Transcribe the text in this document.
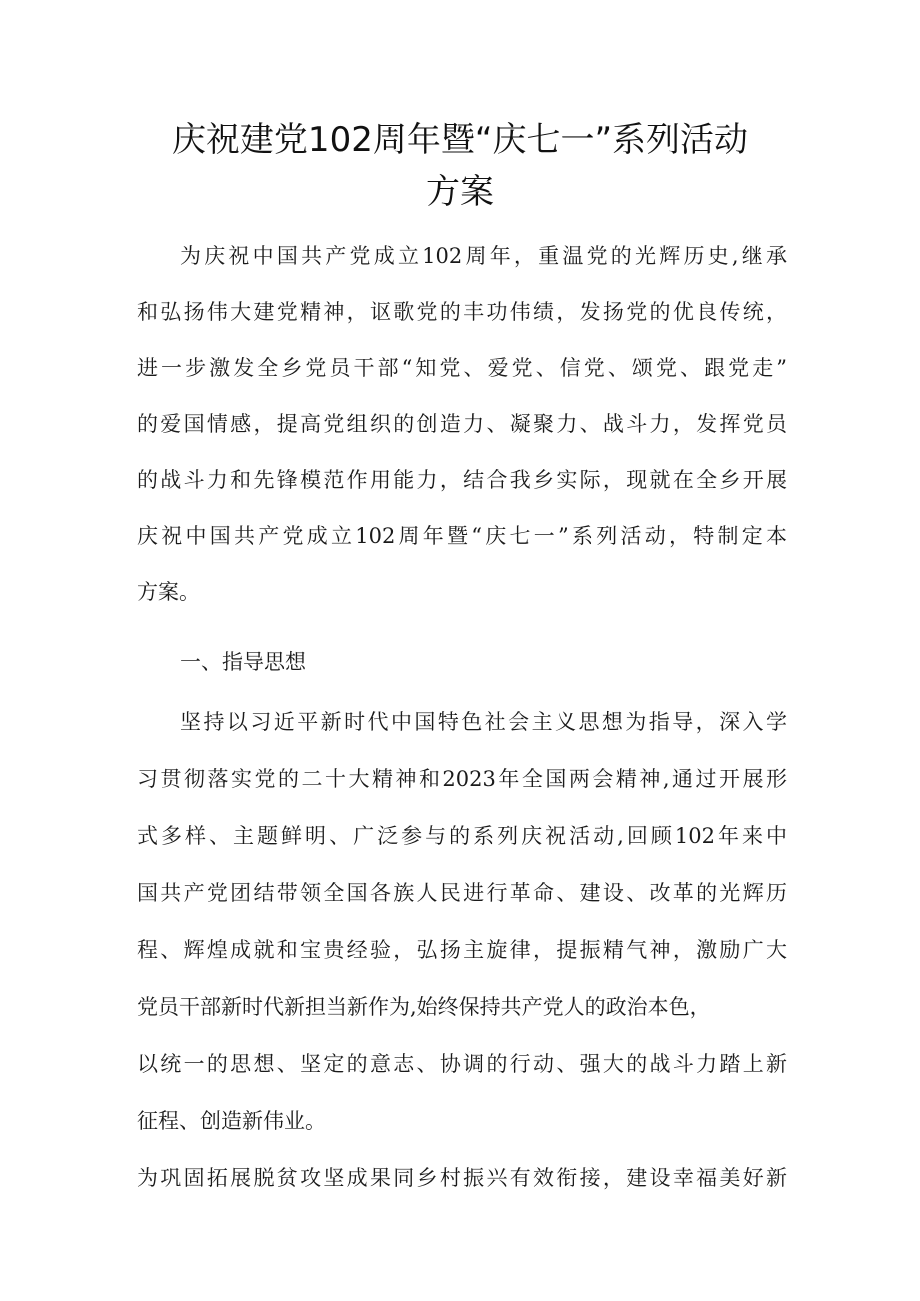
庆祝建党102周年暨“庆七一”系列活动
方案
为庆祝中国共产党成立102周年，重温党的光辉历史,继承
和弘扬伟大建党精神，讴歌党的丰功伟绩，发扬党的优良传统，
进一步激发全乡党员干部“知党、爱党、信党、颂党、跟党走”
的爱国情感，提高党组织的创造力、凝聚力、战斗力，发挥党员
的战斗力和先锋模范作用能力，结合我乡实际，现就在全乡开展
庆祝中国共产党成立102周年暨“庆七一”系列活动，特制定本
方案。
一、指导思想
坚持以习近平新时代中国特色社会主义思想为指导，深入学
习贯彻落实党的二十大精神和2023年全国两会精神,通过开展形
式多样、主题鲜明、广泛参与的系列庆祝活动,回顾102年来中
国共产党团结带领全国各族人民进行革命、建设、改革的光辉历
程、辉煌成就和宝贵经验，弘扬主旋律，提振精气神，激励广大
党员干部新时代新担当新作为,始终保持共产党人的政治本色，
以统一的思想、坚定的意志、协调的行动、强大的战斗力踏上新
征程、创造新伟业。
为巩固拓展脱贫攻坚成果同乡村振兴有效衔接，建设幸福美好新
